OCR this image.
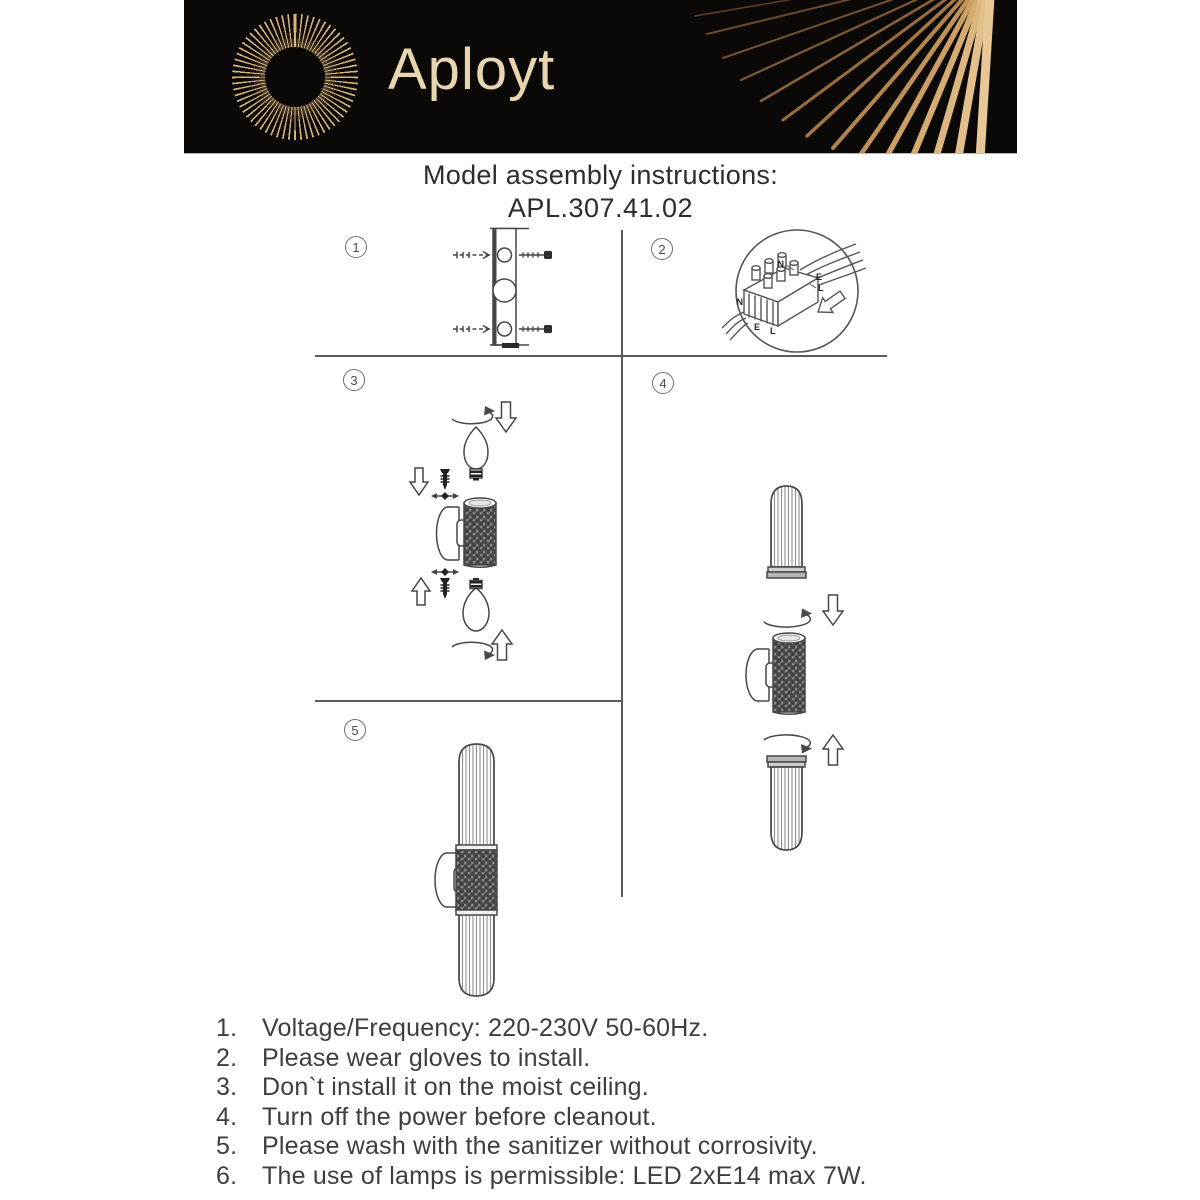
Aployt
Model assembly instructions:
APL.307.41.02
1	2
3	4
5
N
E
L
N
E L
1. Voltage/Frequency: 220-230V 50-60Hz.
2. Please wear gloves to install.
3. Don`t install it on the moist ceiling.
4. Turn off the power before cleanout.
5. Please wash with the sanitizer without corrosivity.
6. The use of lamps is permissible: LED 2xE14 max 7W.
